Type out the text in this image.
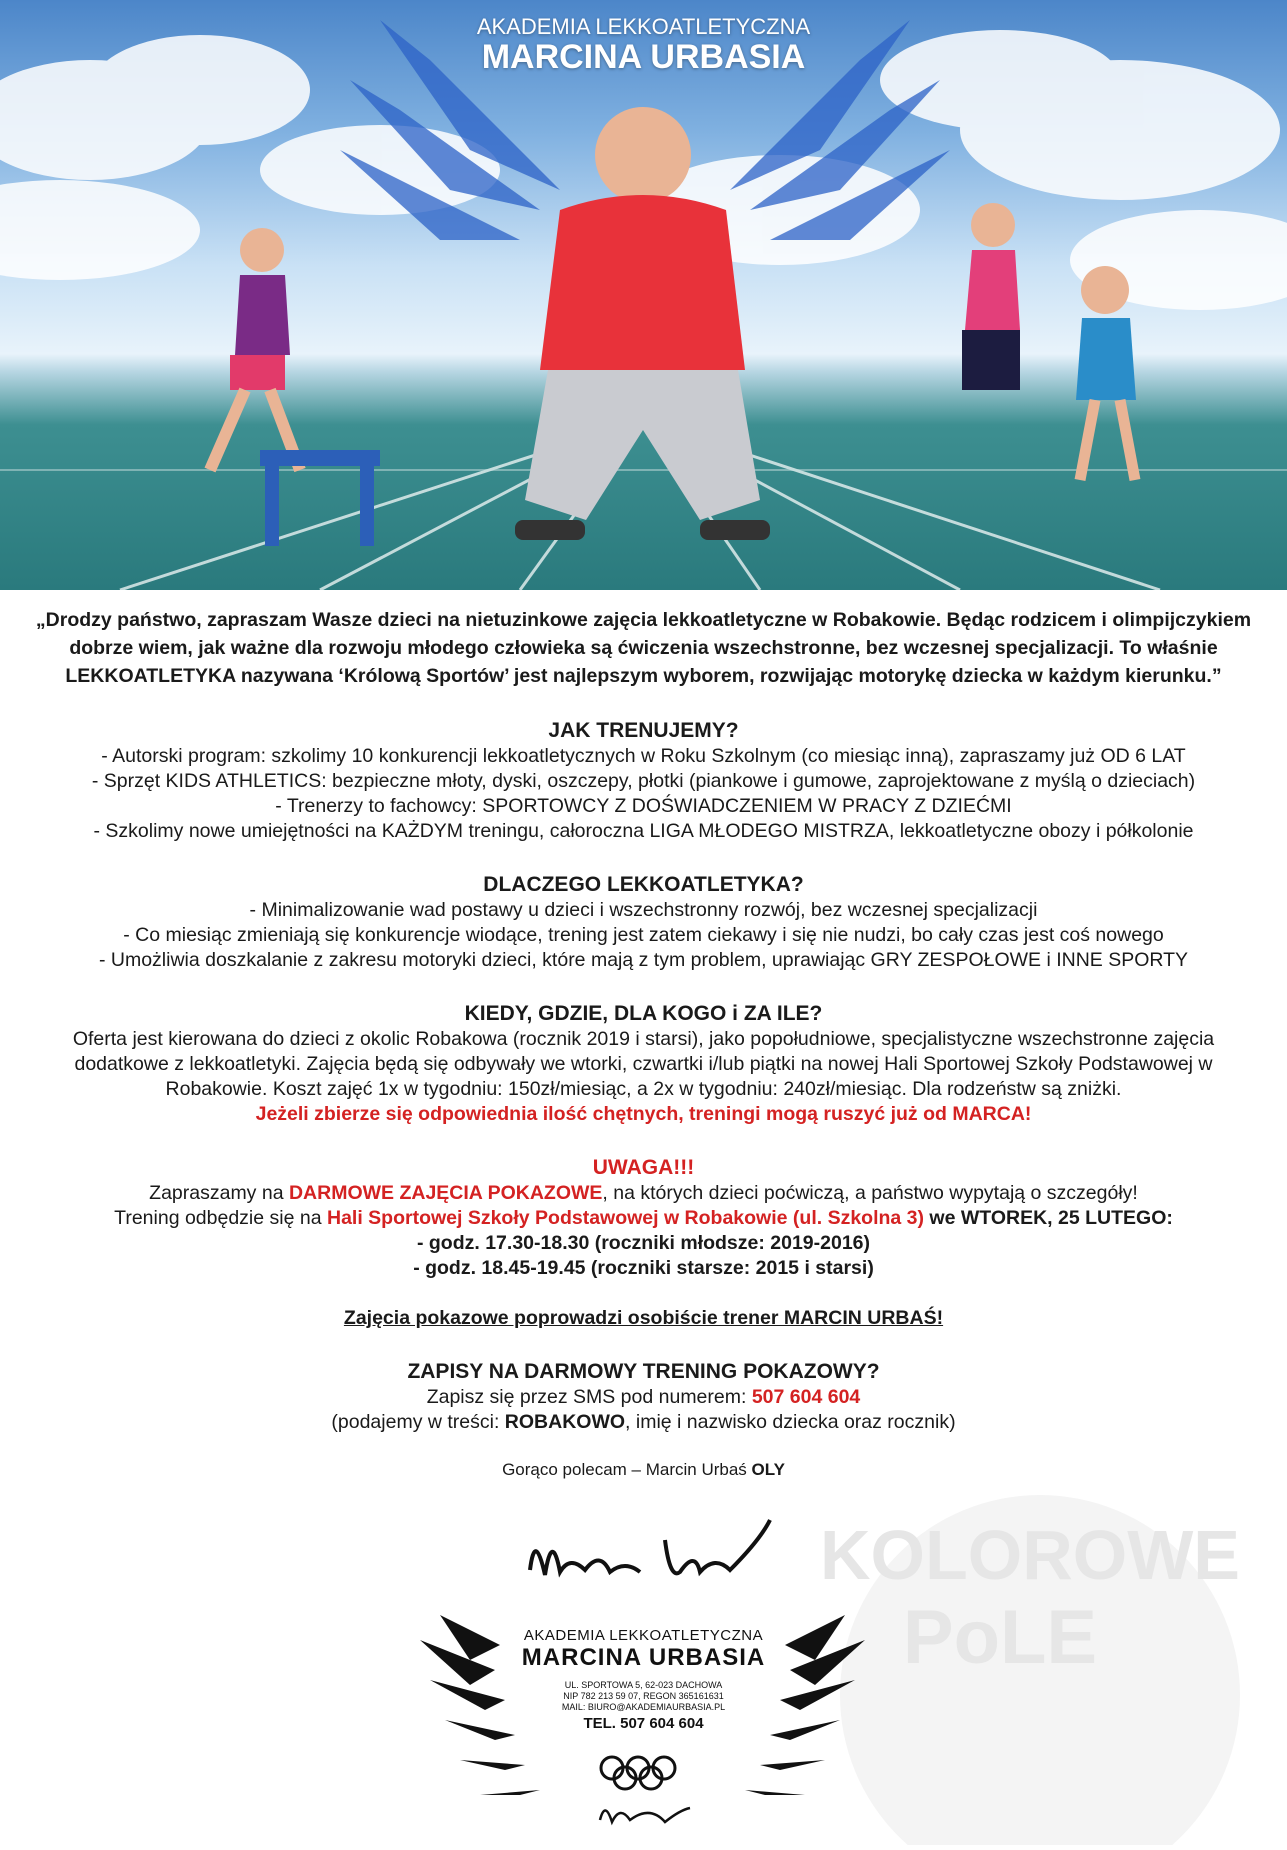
AKADEMIA LEKKOATLETYCZNA
MARCINA URBASIA
„Drodzy państwo, zapraszam Wasze dzieci na nietuzinkowe zajęcia lekkoatletyczne w Robakowie. Będąc rodzicem i olimpijczykiem dobrze wiem, jak ważne dla rozwoju młodego człowieka są ćwiczenia wszechstronne, bez wczesnej specjalizacji. To właśnie LEKKOATLETYKA nazywana ‘Królową Sportów’ jest najlepszym wyborem, rozwijając motorykę dziecka w każdym kierunku.”
JAK TRENUJEMY?
- Autorski program: szkolimy 10 konkurencji lekkoatletycznych w Roku Szkolnym (co miesiąc inną), zapraszamy już OD 6 LAT
- Sprzęt KIDS ATHLETICS: bezpieczne młoty, dyski, oszczepy, płotki (piankowe i gumowe, zaprojektowane z myślą o dzieciach)
- Trenerzy to fachowcy: SPORTOWCY Z DOŚWIADCZENIEM W PRACY Z DZIEĆMI
- Szkolimy nowe umiejętności na KAŻDYM treningu, całoroczna LIGA MŁODEGO MISTRZA, lekkoatletyczne obozy i półkolonie
DLACZEGO LEKKOATLETYKA?
- Minimalizowanie wad postawy u dzieci i wszechstronny rozwój, bez wczesnej specjalizacji
- Co miesiąc zmieniają się konkurencje wiodące, trening jest zatem ciekawy i się nie nudzi, bo cały czas jest coś nowego
- Umożliwia doszkalanie z zakresu motoryki dzieci, które mają z tym problem, uprawiając GRY ZESPOŁOWE i INNE SPORTY
KIEDY, GDZIE, DLA KOGO i ZA ILE?
Oferta jest kierowana do dzieci z okolic Robakowa (rocznik 2019 i starsi), jako popołudniowe, specjalistyczne wszechstronne zajęcia dodatkowe z lekkoatletyki. Zajęcia będą się odbywały we wtorki, czwartki i/lub piątki na nowej Hali Sportowej Szkoły Podstawowej w Robakowie. Koszt zajęć 1x w tygodniu: 150zł/miesiąc, a 2x w tygodniu: 240zł/miesiąc. Dla rodzeństw są zniżki.
Jeżeli zbierze się odpowiednia ilość chętnych, treningi mogą ruszyć już od MARCA!
UWAGA!!!
Zapraszamy na DARMOWE ZAJĘCIA POKAZOWE, na których dzieci poćwiczą, a państwo wypytają o szczegóły!
Trening odbędzie się na Hali Sportowej Szkoły Podstawowej w Robakowie (ul. Szkolna 3) we WTOREK, 25 LUTEGO:
- godz. 17.30-18.30 (roczniki młodsze: 2019-2016)
- godz. 18.45-19.45 (roczniki starsze: 2015 i starsi)
Zajęcia pokazowe poprowadzi osobiście trener MARCIN URBAŚ!
ZAPISY NA DARMOWY TRENING POKAZOWY?
Zapisz się przez SMS pod numerem: 507 604 604
(podajemy w treści: ROBAKOWO, imię i nazwisko dziecka oraz rocznik)
Gorąco polecam – Marcin Urbaś OLY
KOLOROWE
PoLE
AKADEMIA LEKKOATLETYCZNA
MARCINA URBASIA
UL. SPORTOWA 5, 62-023 DACHOWA
NIP 782 213 59 07, REGON 365161631
MAIL: BIURO@AKADEMIAURBASIA.PL
TEL. 507 604 604
